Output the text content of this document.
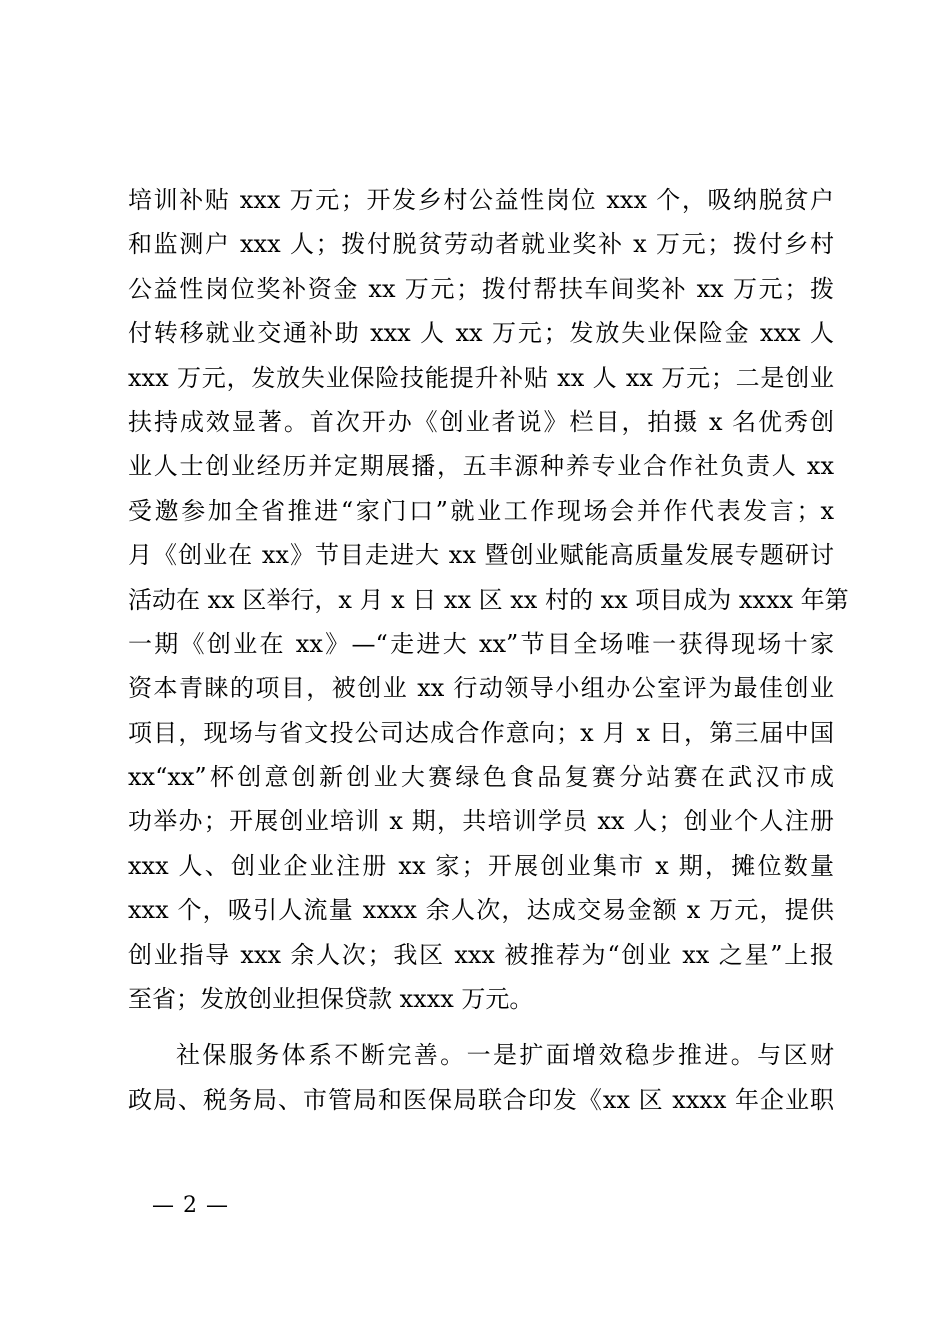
培训补贴 xxx 万元；开发乡村公益性岗位 xxx 个，吸纳脱贫户
和监测户 xxx 人；拨付脱贫劳动者就业奖补 x 万元；拨付乡村
公益性岗位奖补资金 xx 万元；拨付帮扶车间奖补 xx 万元；拨
付转移就业交通补助 xxx 人 xx 万元；发放失业保险金 xxx 人
xxx 万元，发放失业保险技能提升补贴 xx 人 xx 万元；二是创业
扶持成效显著。首次开办《创业者说》栏目，拍摄 x 名优秀创
业人士创业经历并定期展播，五丰源种养专业合作社负责人 xx
受邀参加全省推进“家门口”就业工作现场会并作代表发言；x
月《创业在 xx》节目走进大 xx 暨创业赋能高质量发展专题研讨
活动在 xx 区举行，x 月 x 日 xx 区 xx 村的 xx 项目成为 xxxx 年第
一期《创业在 xx》—“走进大 xx”节目全场唯一获得现场十家
资本青睐的项目，被创业 xx 行动领导小组办公室评为最佳创业
项目，现场与省文投公司达成合作意向；x 月 x 日，第三届中国
xx“xx”杯创意创新创业大赛绿色食品复赛分站赛在武汉市成
功举办；开展创业培训 x 期，共培训学员 xx 人；创业个人注册
xxx 人、创业企业注册 xx 家；开展创业集市 x 期，摊位数量
xxx 个，吸引人流量 xxxx 余人次，达成交易金额 x 万元，提供
创业指导 xxx 余人次；我区 xxx 被推荐为“创业 xx 之星”上报
至省；发放创业担保贷款 xxxx 万元。
社保服务体系不断完善。一是扩面增效稳步推进。与区财
政局、税务局、市管局和医保局联合印发《xx 区 xxxx 年企业职
— 2 —
